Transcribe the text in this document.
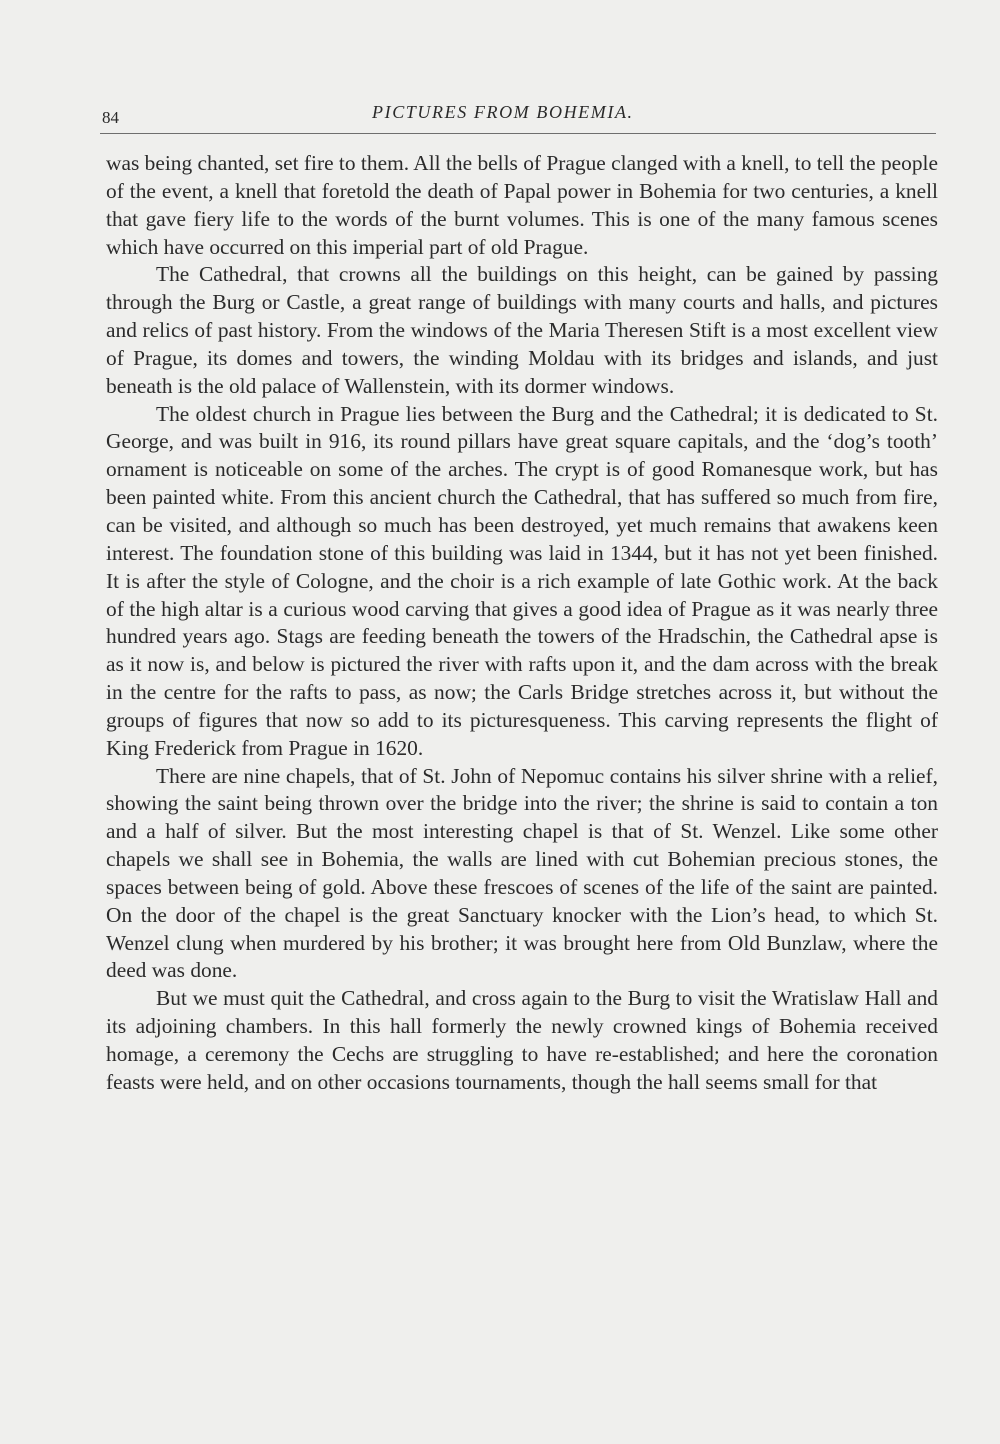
84	PICTURES FROM BOHEMIA.

was being chanted, set fire to them. All the bells of Prague clanged with a knell, to tell the people of the event, a knell that foretold the death of Papal power in Bohemia for two centuries, a knell that gave fiery life to the words of the burnt volumes. This is one of the many famous scenes which have occurred on this imperial part of old Prague.

The Cathedral, that crowns all the buildings on this height, can be gained by passing through the Burg or Castle, a great range of buildings with many courts and halls, and pictures and relics of past history. From the windows of the Maria Theresen Stift is a most excellent view of Prague, its domes and towers, the winding Moldau with its bridges and islands, and just beneath is the old palace of Wallenstein, with its dormer windows.

The oldest church in Prague lies between the Burg and the Cathedral; it is dedicated to St. George, and was built in 916, its round pillars have great square capitals, and the ‘dog’s tooth’ ornament is noticeable on some of the arches. The crypt is of good Romanesque work, but has been painted white. From this ancient church the Cathedral, that has suffered so much from fire, can be visited, and although so much has been destroyed, yet much remains that awakens keen interest. The foundation stone of this building was laid in 1344, but it has not yet been finished. It is after the style of Cologne, and the choir is a rich example of late Gothic work. At the back of the high altar is a curious wood carving that gives a good idea of Prague as it was nearly three hundred years ago. Stags are feeding beneath the towers of the Hradschin, the Cathedral apse is as it now is, and below is pictured the river with rafts upon it, and the dam across with the break in the centre for the rafts to pass, as now; the Carls Bridge stretches across it, but without the groups of figures that now so add to its picturesqueness. This carving represents the flight of King Frederick from Prague in 1620.

There are nine chapels, that of St. John of Nepomuc contains his silver shrine with a relief, showing the saint being thrown over the bridge into the river; the shrine is said to contain a ton and a half of silver. But the most interesting chapel is that of St. Wenzel. Like some other chapels we shall see in Bohemia, the walls are lined with cut Bohemian precious stones, the spaces between being of gold. Above these frescoes of scenes of the life of the saint are painted. On the door of the chapel is the great Sanctuary knocker with the Lion’s head, to which St. Wenzel clung when murdered by his brother; it was brought here from Old Bunzlaw, where the deed was done.

But we must quit the Cathedral, and cross again to the Burg to visit the Wratislaw Hall and its adjoining chambers. In this hall formerly the newly crowned kings of Bohemia received homage, a ceremony the Cechs are struggling to have re-established; and here the coronation feasts were held, and on other occasions tournaments, though the hall seems small for that
